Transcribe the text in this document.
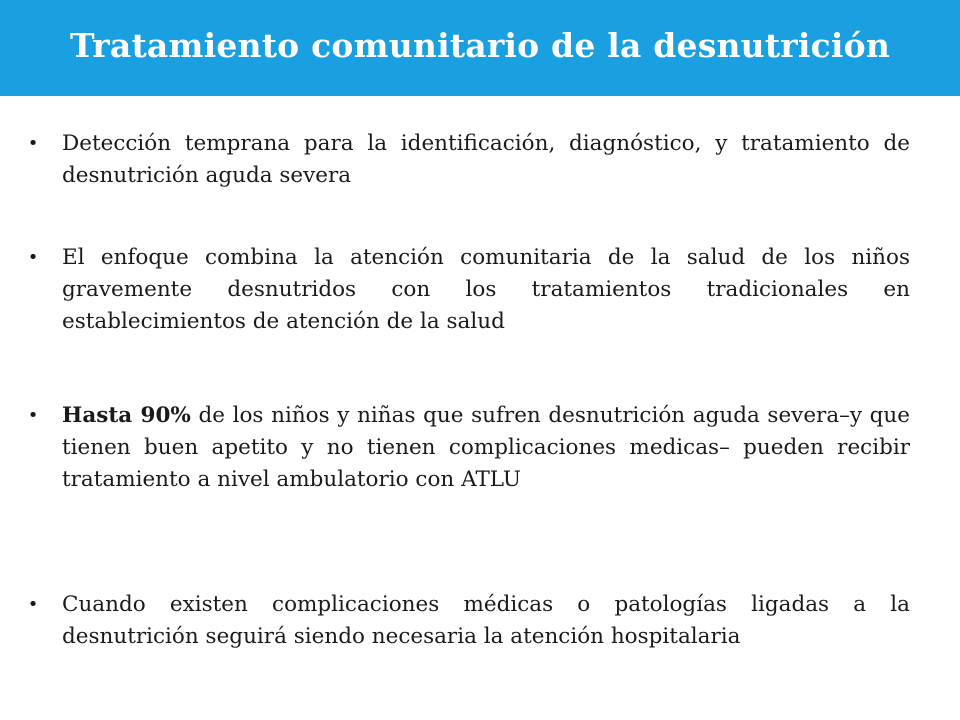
Tratamiento comunitario de la desnutrición
• Detección temprana para la identificación, diagnóstico, y tratamiento de desnutrición aguda severa
• El enfoque combina la atención comunitaria de la salud de los niños gravemente desnutridos con los tratamientos tradicionales en establecimientos de atención de la salud
• Hasta 90% de los niños y niñas que sufren desnutrición aguda severa–y que tienen buen apetito y no tienen complicaciones medicas– pueden recibir tratamiento a nivel ambulatorio con ATLU
• Cuando existen complicaciones médicas o patologías ligadas a la desnutrición seguirá siendo necesaria la atención hospitalaria
